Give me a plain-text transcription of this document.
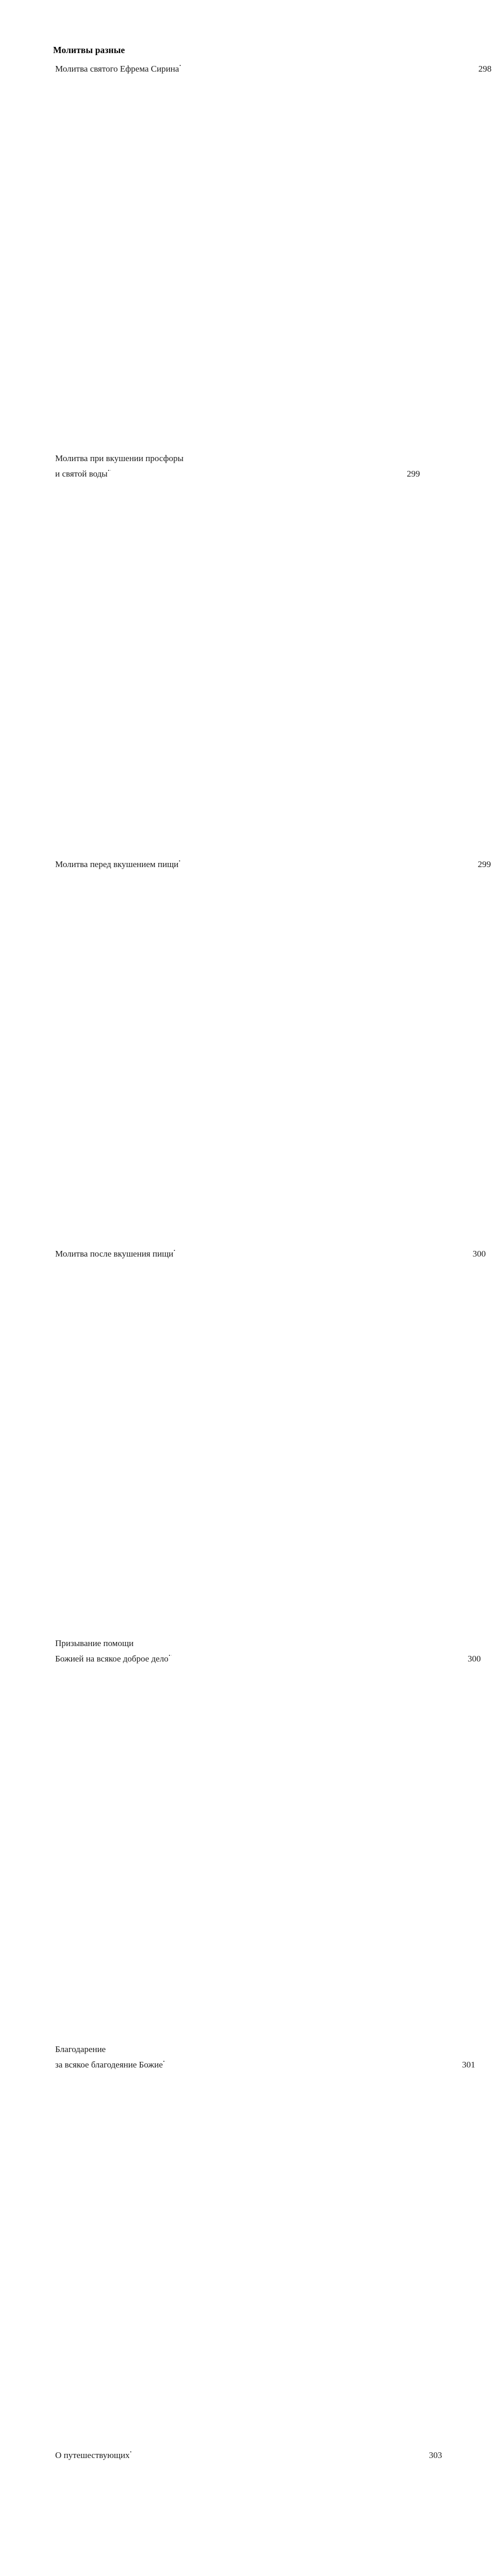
Молитвы разные
Молитва святого Ефрема Сирина .....	298
Молитва при вкушении просфоры
и святой воды .....	299
Молитва перед вкушением пищи .....	299
Молитва после вкушения пищи .....	300
Призывание помощи
Божией на всякое доброе дело .....	300
Благодарение
за всякое благодеяние Божие .....	301
О путешествующих .....	303
